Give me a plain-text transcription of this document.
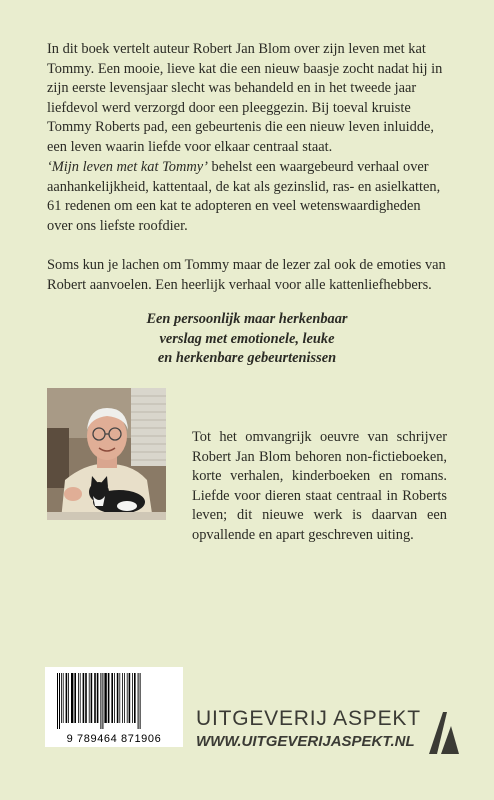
In dit boek vertelt auteur Robert Jan Blom over zijn leven met kat Tommy. Een mooie, lieve kat die een nieuw baasje zocht nadat hij in zijn eerste levensjaar slecht was behandeld en in het tweede jaar liefdevol werd verzorgd door een pleeggezin. Bij toeval kruiste Tommy Roberts pad, een gebeurtenis die een nieuw leven inluidde, een leven waarin liefde voor elkaar centraal staat.

‘Mijn leven met kat Tommy’ behelst een waargebeurd verhaal over aanhankelijkheid, kattentaal, de kat als gezinslid, ras- en asielkatten, 61 redenen om een kat te adopteren en veel wetenswaardigheden over ons liefste roofdier.

Soms kun je lachen om Tommy maar de lezer zal ook de emoties van Robert aanvoelen. Een heerlijk verhaal voor alle kattenliefhebbers.

Een persoonlijk maar herkenbaar
verslag met emotionele, leuke
en herkenbare gebeurtenissen

Tot het omvangrijk oeuvre van schrijver Robert Jan Blom behoren non-fictieboeken, korte verhalen, kinderboeken en romans. Liefde voor dieren staat centraal in Roberts leven; dit nieuwe werk is daarvan een opvallende en apart geschreven uiting.

9 789464 871906

UITGEVERIJ ASPEKT

WWW.UITGEVERIJASPEKT.NL
